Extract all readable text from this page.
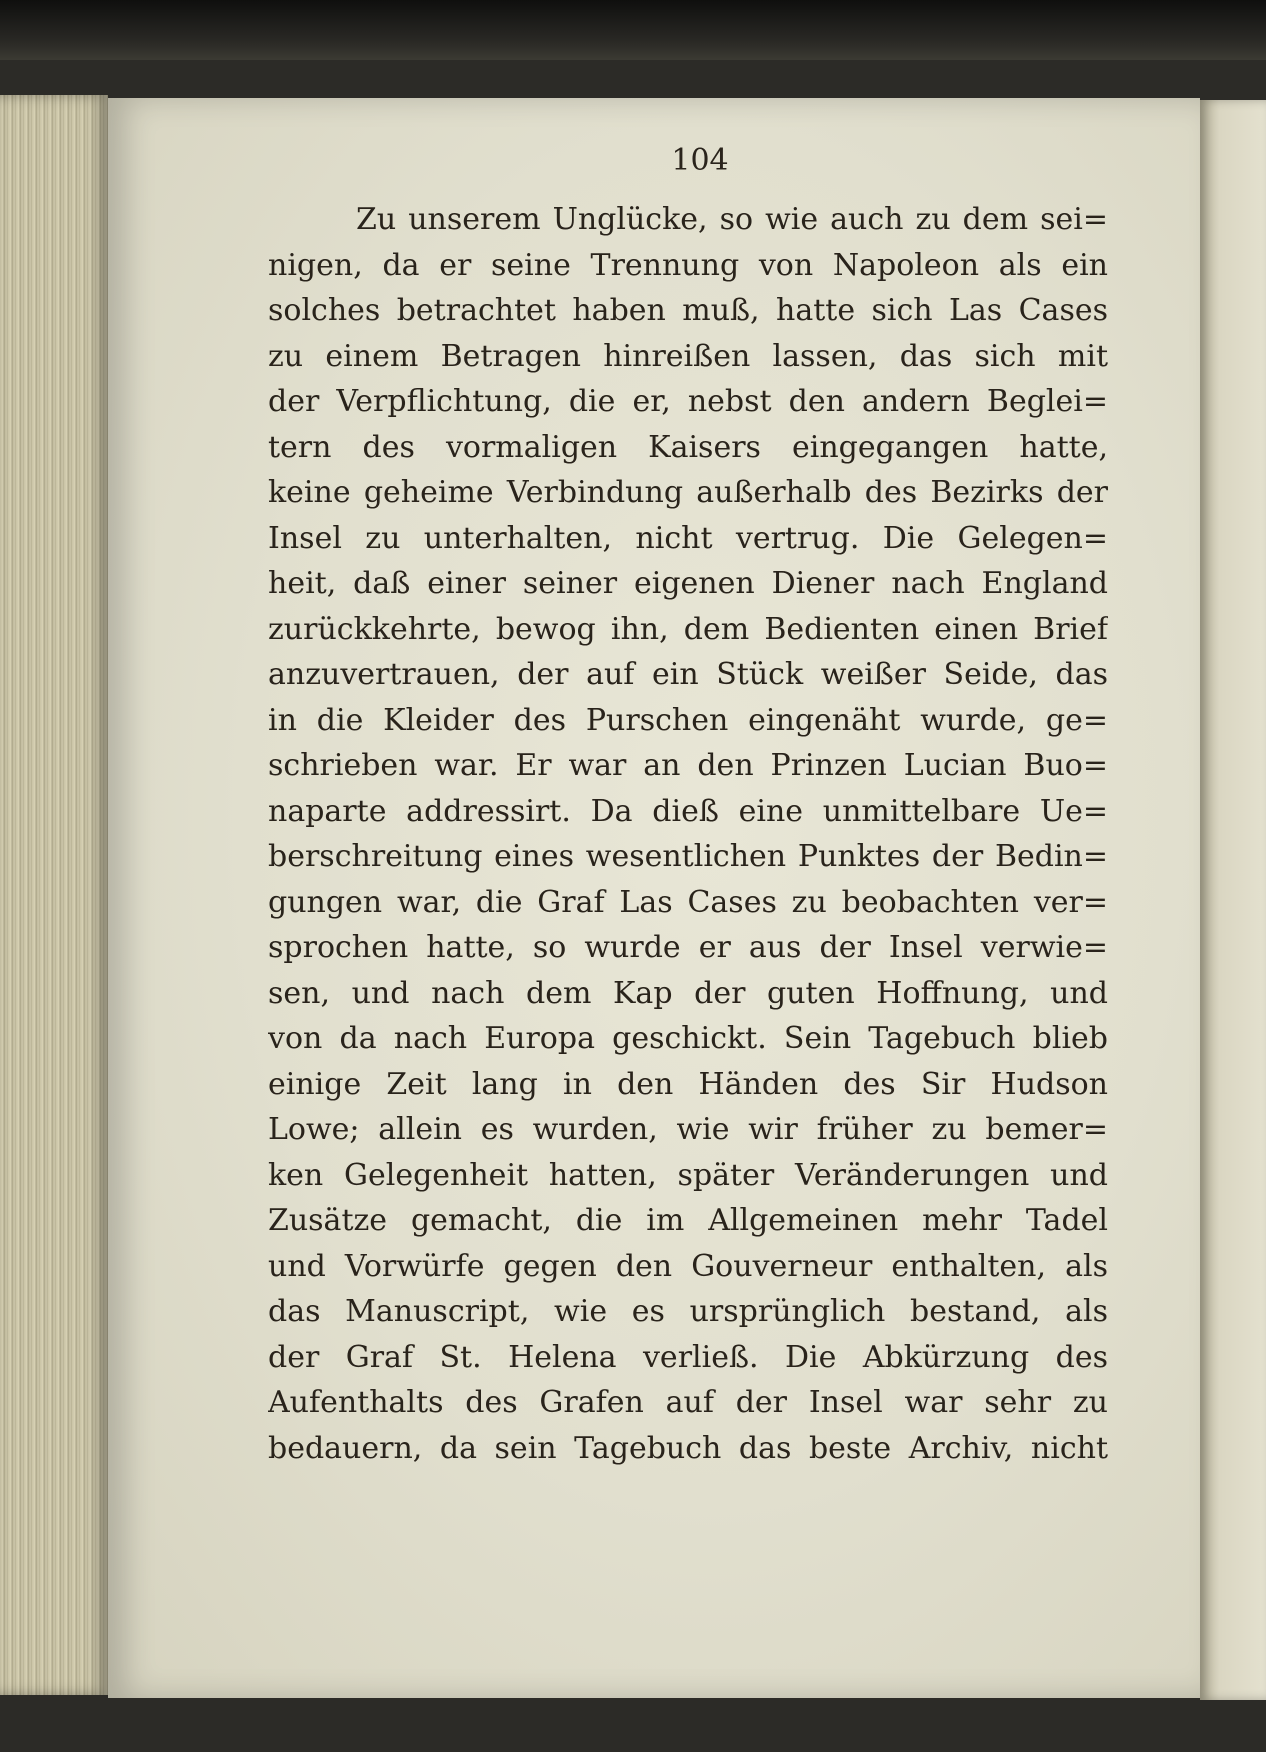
104

Zu unserem Unglücke, so wie auch zu dem sei=
nigen, da er seine Trennung von Napoleon als ein
solches betrachtet haben muß, hatte sich Las Cases
zu einem Betragen hinreißen lassen, das sich mit
der Verpflichtung, die er, nebst den andern Beglei=
tern des vormaligen Kaisers eingegangen hatte,
keine geheime Verbindung außerhalb des Bezirks der
Insel zu unterhalten, nicht vertrug. Die Gelegen=
heit, daß einer seiner eigenen Diener nach England
zurückkehrte, bewog ihn, dem Bedienten einen Brief
anzuvertrauen, der auf ein Stück weißer Seide, das
in die Kleider des Purschen eingenäht wurde, ge=
schrieben war. Er war an den Prinzen Lucian Buo=
naparte addressirt. Da dieß eine unmittelbare Ue=
berschreitung eines wesentlichen Punktes der Bedin=
gungen war, die Graf Las Cases zu beobachten ver=
sprochen hatte, so wurde er aus der Insel verwie=
sen, und nach dem Kap der guten Hoffnung, und
von da nach Europa geschickt. Sein Tagebuch blieb
einige Zeit lang in den Händen des Sir Hudson
Lowe; allein es wurden, wie wir früher zu bemer=
ken Gelegenheit hatten, später Veränderungen und
Zusätze gemacht, die im Allgemeinen mehr Tadel
und Vorwürfe gegen den Gouverneur enthalten, als
das Manuscript, wie es ursprünglich bestand, als
der Graf St. Helena verließ. Die Abkürzung des
Aufenthalts des Grafen auf der Insel war sehr zu
bedauern, da sein Tagebuch das beste Archiv, nicht
